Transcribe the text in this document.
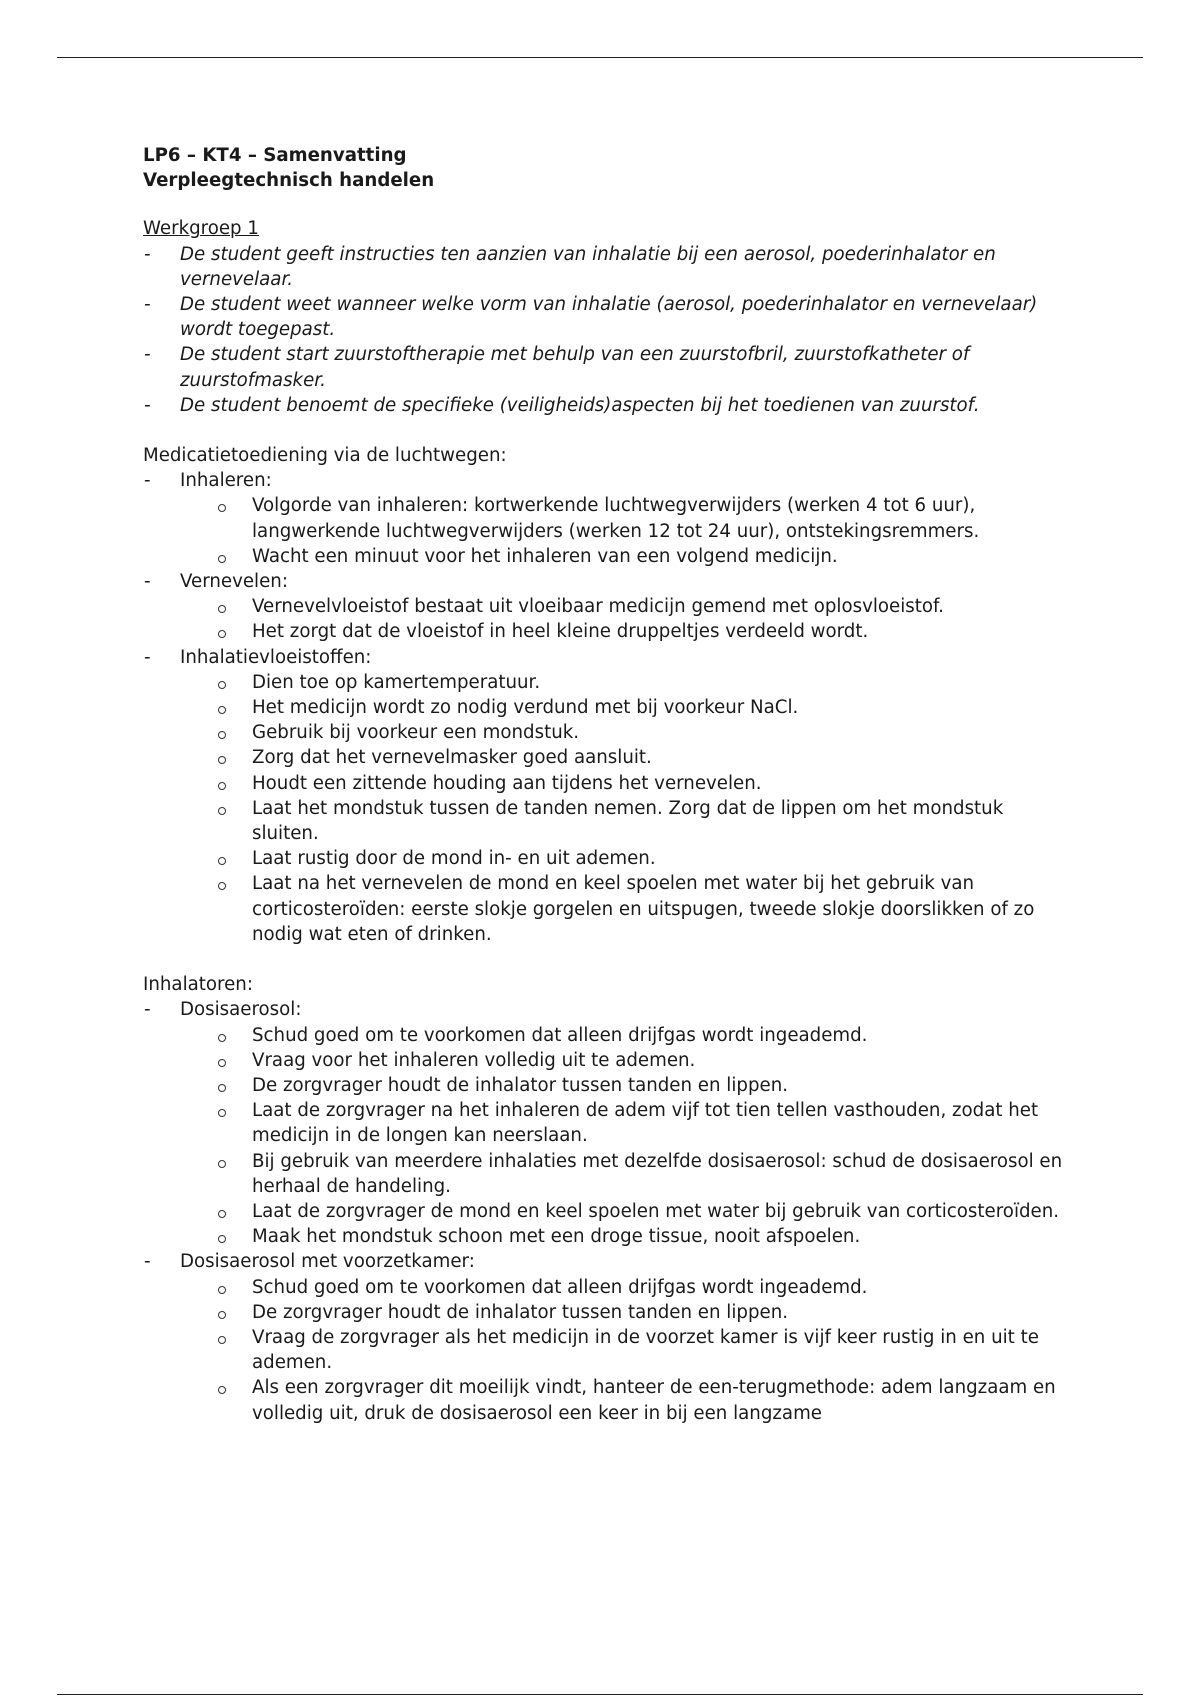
LP6 – KT4 – Samenvatting
Verpleegtechnisch handelen
Werkgroep 1
- De student geeft instructies ten aanzien van inhalatie bij een aerosol, poederinhalator en vernevelaar.
- De student weet wanneer welke vorm van inhalatie (aerosol, poederinhalator en vernevelaar) wordt toegepast.
- De student start zuurstoftherapie met behulp van een zuurstofbril, zuurstofkatheter of zuurstofmasker.
- De student benoemt de specifieke (veiligheids)aspecten bij het toedienen van zuurstof.
Medicatietoediening via de luchtwegen:
- Inhaleren:
Volgorde van inhaleren: kortwerkende luchtwegverwijders (werken 4 tot 6 uur), langwerkende luchtwegverwijders (werken 12 tot 24 uur), ontstekingsremmers.
Wacht een minuut voor het inhaleren van een volgend medicijn.
- Vernevelen:
Vernevelvloeistof bestaat uit vloeibaar medicijn gemend met oplosvloeistof.
Het zorgt dat de vloeistof in heel kleine druppeltjes verdeeld wordt.
- Inhalatievloeistoffen:
Dien toe op kamertemperatuur.
Het medicijn wordt zo nodig verdund met bij voorkeur NaCl.
Gebruik bij voorkeur een mondstuk.
Zorg dat het vernevelmasker goed aansluit.
Houdt een zittende houding aan tijdens het vernevelen.
Laat het mondstuk tussen de tanden nemen. Zorg dat de lippen om het mondstuk sluiten.
Laat rustig door de mond in- en uit ademen.
Laat na het vernevelen de mond en keel spoelen met water bij het gebruik van corticosteroïden: eerste slokje gorgelen en uitspugen, tweede slokje doorslikken of zo nodig wat eten of drinken.
Inhalatoren:
- Dosisaerosol:
Schud goed om te voorkomen dat alleen drijfgas wordt ingeademd.
Vraag voor het inhaleren volledig uit te ademen.
De zorgvrager houdt de inhalator tussen tanden en lippen.
Laat de zorgvrager na het inhaleren de adem vijf tot tien tellen vasthouden, zodat het medicijn in de longen kan neerslaan.
Bij gebruik van meerdere inhalaties met dezelfde dosisaerosol: schud de dosisaerosol en herhaal de handeling.
Laat de zorgvrager de mond en keel spoelen met water bij gebruik van corticosteroïden.
Maak het mondstuk schoon met een droge tissue, nooit afspoelen.
- Dosisaerosol met voorzetkamer:
Schud goed om te voorkomen dat alleen drijfgas wordt ingeademd.
De zorgvrager houdt de inhalator tussen tanden en lippen.
Vraag de zorgvrager als het medicijn in de voorzet kamer is vijf keer rustig in en uit te ademen.
Als een zorgvrager dit moeilijk vindt, hanteer de een-terugmethode: adem langzaam en volledig uit, druk de dosisaerosol een keer in bij een langzame
